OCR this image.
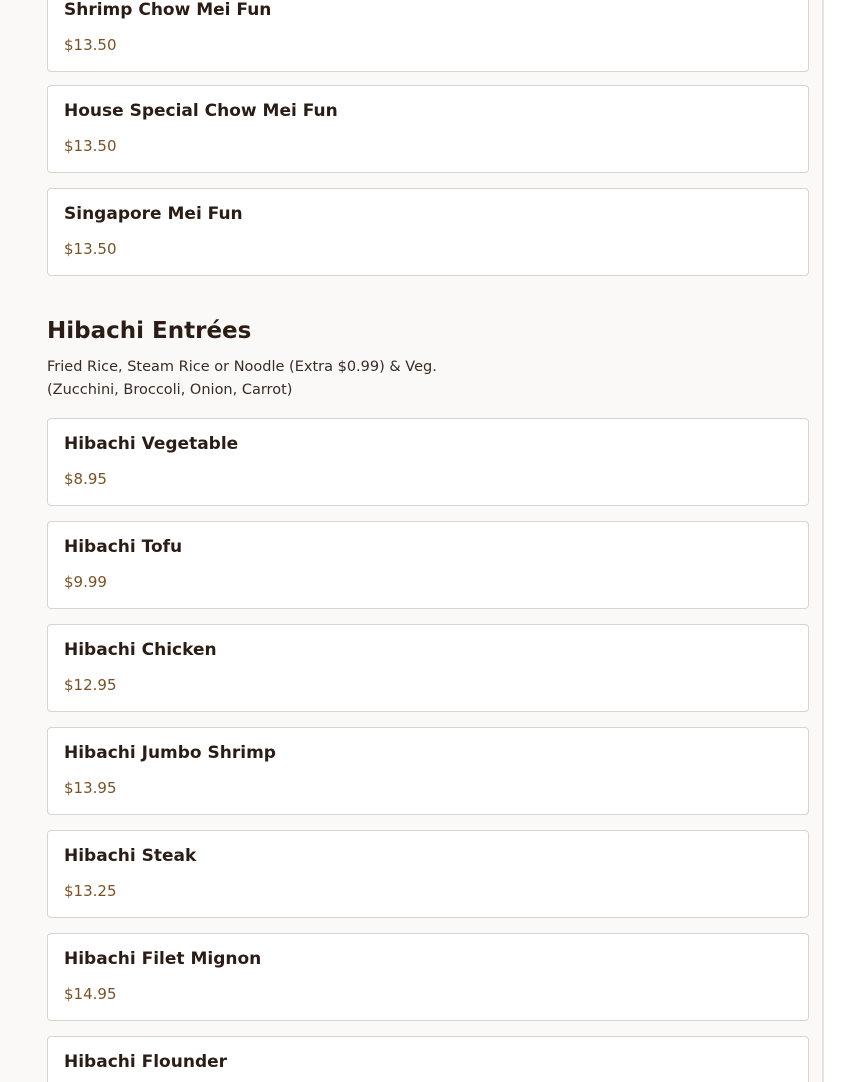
Shrimp Chow Mei Fun
$13.50
House Special Chow Mei Fun
$13.50
Singapore Mei Fun
$13.50
Hibachi Entrées
Fried Rice, Steam Rice or Noodle (Extra $0.99) & Veg.
(Zucchini, Broccoli, Onion, Carrot)
Hibachi Vegetable
$8.95
Hibachi Tofu
$9.99
Hibachi Chicken
$12.95
Hibachi Jumbo Shrimp
$13.95
Hibachi Steak
$13.25
Hibachi Filet Mignon
$14.95
Hibachi Flounder
